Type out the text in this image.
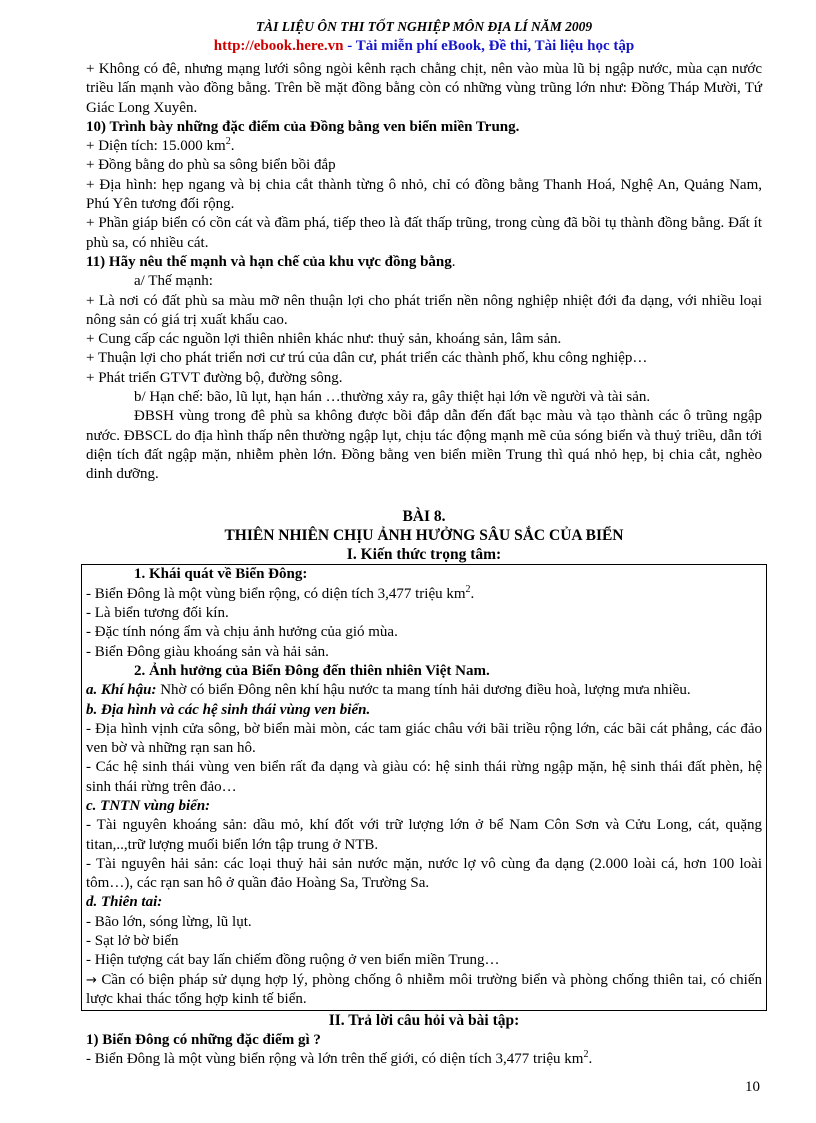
TÀI LIỆU ÔN THI TỐT NGHIỆP MÔN ĐỊA LÍ NĂM 2009
http://ebook.here.vn - Tải miễn phí eBook, Đề thi, Tài liệu học tập

+ Không có đê, nhưng mạng lưới sông ngòi kênh rạch chằng chịt, nên vào mùa lũ bị ngập nước, mùa cạn nước triều lấn mạnh vào đồng bằng. Trên bề mặt đồng bằng còn có những vùng trũng lớn như: Đồng Tháp Mười, Tứ Giác Long Xuyên.

10) Trình bày những đặc điểm của Đồng bằng ven biển miền Trung.

+ Diện tích: 15.000 $km^2$.

+ Đồng bằng do phù sa sông biển bồi đắp

+ Địa hình: hẹp ngang và bị chia cắt thành từng ô nhỏ, chỉ có đồng bằng Thanh Hoá, Nghệ An, Quảng Nam, Phú Yên tương đối rộng.

+ Phần giáp biển có cồn cát và đầm phá, tiếp theo là đất thấp trũng, trong cùng đã bồi tụ thành đồng bằng. Đất ít phù sa, có nhiều cát.

11) Hãy nêu thế mạnh và hạn chế của khu vực đồng bằng.

a/ Thế mạnh:

+ Là nơi có đất phù sa màu mỡ nên thuận lợi cho phát triển nền nông nghiệp nhiệt đới đa dạng, với nhiều loại nông sản có giá trị xuất khẩu cao.

+ Cung cấp các nguồn lợi thiên nhiên khác như: thuỷ sản, khoáng sản, lâm sản.

+ Thuận lợi cho phát triển nơi cư trú của dân cư, phát triển các thành phố, khu công nghiệp…

+ Phát triển GTVT đường bộ, đường sông.

b/ Hạn chế: bão, lũ lụt, hạn hán …thường xảy ra, gây thiệt hại lớn về người và tài sản.

ĐBSH vùng trong đê phù sa không được bồi đắp dẫn đến đất bạc màu và tạo thành các ô trũng ngập nước. ĐBSCL do địa hình thấp nên thường ngập lụt, chịu tác động mạnh mẽ của sóng biển và thuỷ triều, dẫn tới diện tích đất ngập mặn, nhiễm phèn lớn. Đồng bằng ven biển miền Trung thì quá nhỏ hẹp, bị chia cắt, nghèo dinh dưỡng.

BÀI 8.

THIÊN NHIÊN CHỊU ẢNH HƯỞNG SÂU SẮC CỦA BIỂN

I. Kiến thức trọng tâm:

1. Khái quát về Biển Đông:

- Biển Đông là một vùng biển rộng, có diện tích 3,477 triệu $km^2$.

- Là biển tương đối kín.

- Đặc tính nóng ẩm và chịu ảnh hưởng của gió mùa.

- Biển Đông giàu khoáng sản và hải sản.

2. Ảnh hưởng của Biển Đông đến thiên nhiên Việt Nam.

a. Khí hậu: Nhờ có biển Đông nên khí hậu nước ta mang tính hải dương điều hoà, lượng mưa nhiều.

b. Địa hình và các hệ sinh thái vùng ven biển.

- Địa hình vịnh cửa sông, bờ biển mài mòn, các tam giác châu với bãi triều rộng lớn, các bãi cát phẳng, các đảo ven bờ và những rạn san hô.

- Các hệ sinh thái vùng ven biển rất đa dạng và giàu có: hệ sinh thái rừng ngập mặn, hệ sinh thái đất phèn, hệ sinh thái rừng trên đảo…

c. TNTN vùng biển:

- Tài nguyên khoáng sản: dầu mỏ, khí đốt với trữ lượng lớn ở bể Nam Côn Sơn và Cửu Long, cát, quặng titan,..,trữ lượng muối biển lớn tập trung ở NTB.

- Tài nguyên hải sản: các loại thuỷ hải sản nước mặn, nước lợ vô cùng đa dạng (2.000 loài cá, hơn 100 loài tôm…), các rạn san hô ở quần đảo Hoàng Sa, Trường Sa.

d. Thiên tai:

- Bão lớn, sóng lừng, lũ lụt.

- Sạt lở bờ biển

- Hiện tượng cát bay lấn chiếm đồng ruộng ở ven biển miền Trung…

→ Cần có biện pháp sử dụng hợp lý, phòng chống ô nhiễm môi trường biển và phòng chống thiên tai, có chiến lược khai thác tổng hợp kinh tế biển.

II. Trả lời câu hỏi và bài tập:

1) Biển Đông có những đặc điểm gì ?

- Biển Đông là một vùng biển rộng và lớn trên thế giới, có diện tích 3,477 triệu $km^2$.

10
